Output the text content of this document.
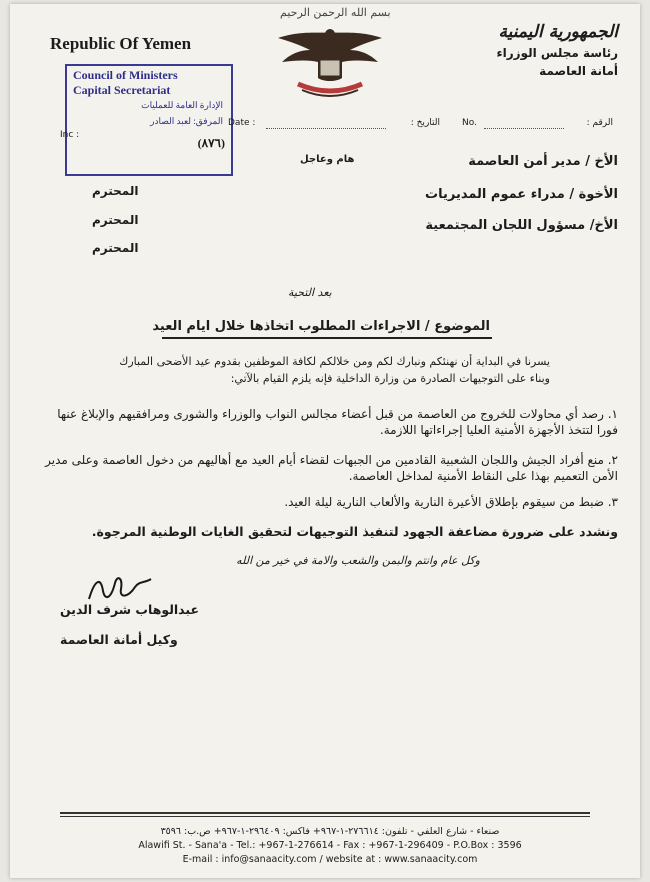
بسم الله الرحمن الرحيم
Republic Of Yemen
الجمهورية اليمنية
رئاسة مجلس الوزراء
أمانة العاصمة
Council of Ministers
Capital Secretariat
الإدارة العامة للعمليات
المرفق: لعبد الصادر
(٨٧٦)
Date :	التاريخ : No.	الرقم :
Inc :
هام وعاجل	الأخ / مدير أمن العاصمة
الأخوة / مدراء عموم المديريات
الأخ/ مسؤول اللجان المجتمعية
المحترم
المحترم
المحترم
بعد التحية
الموضوع / الاجراءات المطلوب اتخاذها خلال ايام العيد
يسرنا في البداية أن نهنئكم ونبارك لكم ومن خلالكم لكافة الموظفين بقدوم عيد الأضحى المبارك
وبناء على التوجيهات الصادرة من وزارة الداخلية فإنه يلزم القيام بالآتي:
١. رصد أي محاولات للخروج من العاصمة من قبل أعضاء مجالس النواب والوزراء والشورى ومرافقيهم والإبلاغ عنها فورا لتتخذ الأجهزة الأمنية العليا إجراءاتها اللازمة.
٢. منع أفراد الجيش واللجان الشعبية القادمين من الجبهات لقضاء أيام العيد مع أهاليهم من دخول العاصمة وعلى مدير الأمن التعميم بهذا على النقاط الأمنية لمداخل العاصمة.
٣. ضبط من سيقوم بإطلاق الأعيرة النارية والألعاب النارية ليلة العيد.
ونشدد على ضرورة مضاعفة الجهود لتنفيذ التوجيهات لتحقيق الغايات الوطنية المرجوة.
وكل عام وانتم والبمن والشعب والامة في خير من الله
عبدالوهاب شرف الدين
وكيل أمانة العاصمة
صنعاء - شارع العلفي - تلفون: ٢٧٦٦١٤-١-٩٦٧+ فاكس: ٢٩٦٤٠٩-١-٩٦٧+ ص.ب: ٣٥٩٦
Alawifi St. - Sana'a - Tel.: +967-1-276614 - Fax : +967-1-296409 - P.O.Box : 3596
E-mail : info@sanaacity.com / website at : www.sanaacity.com
